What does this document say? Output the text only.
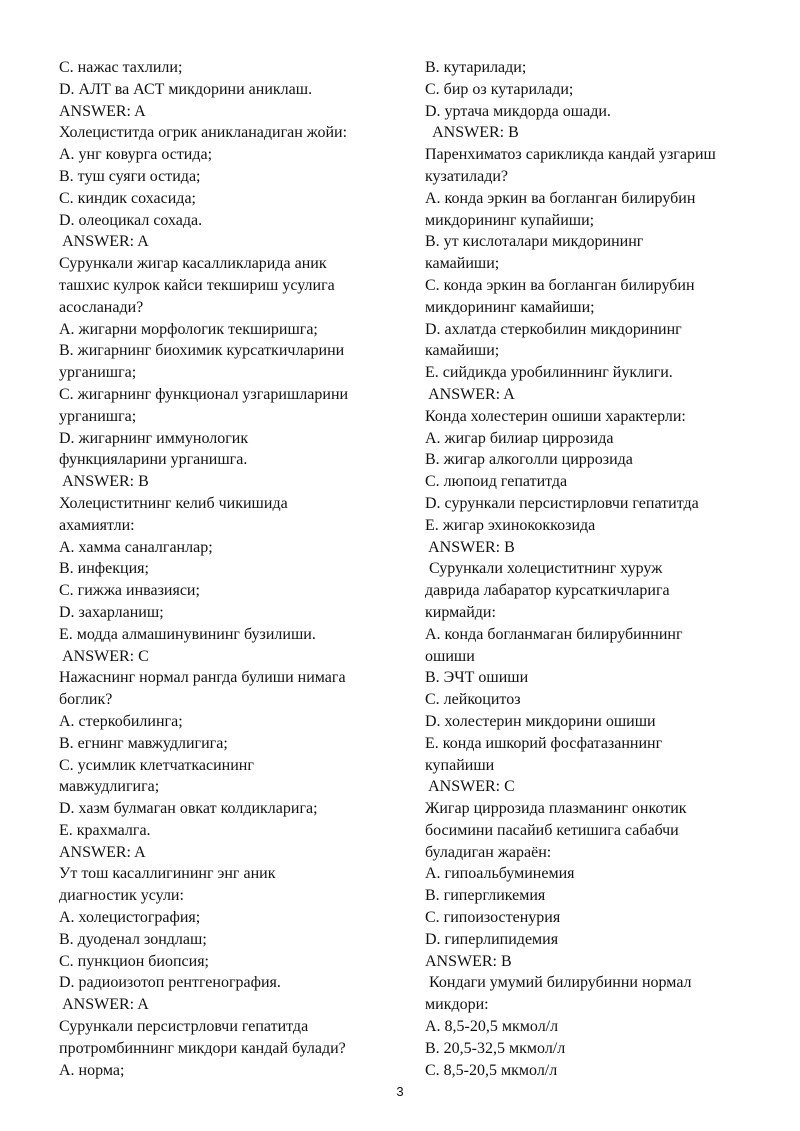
C. нажас тахлили;
D. АЛТ ва АСТ микдорини аниклаш.
ANSWER: A
Холециститда огрик аникланадиган жойи:
A. унг ковурга остида;
B. туш суяги остида;
C. киндик сохасида;
D. олеоцикал сохада.
ANSWER: A
Сурункали жигар касалликларида аник
ташхис кулрок кайси текшириш усулига
асосланади?
A. жигарни морфологик текширишга;
B. жигарнинг биохимик курсаткичларини
урганишга;
C. жигарнинг функционал узгаришларини
урганишга;
D. жигарнинг иммунологик
функцияларини урганишга.
ANSWER: B
Холециститнинг келиб чикишида
ахамиятли:
A. хамма саналганлар;
B. инфекция;
C. гижжа инвазияси;
D. захарланиш;
E. модда алмашинувининг бузилиши.
ANSWER: C
Нажаснинг нормал рангда булиши нимага
боглик?
A. стеркобилинга;
B. егнинг мавжудлигига;
C. усимлик клетчаткасининг
мавжудлигига;
D. хазм булмаган овкат колдикларига;
E. крахмалга.
ANSWER: A
Ут тош касаллигининг энг аник
диагностик усули:
A. холецистография;
B. дуоденал зондлаш;
C. пункцион биопсия;
D. радиоизотоп рентгенография.
ANSWER: A
Сурункали персистрловчи гепатитда
протромбиннинг микдори кандай булади?
A. норма;
B. кутарилади;
C. бир оз кутарилади;
D. уртача микдорда ошади.
ANSWER: B
Паренхиматоз сарикликда кандай узгариш
кузатилади?
A. конда эркин ва богланган билирубин
микдорининг купайиши;
B. ут кислоталари микдорининг
камайиши;
C. конда эркин ва богланган билирубин
микдорининг камайиши;
D. ахлатда стеркобилин микдорининг
камайиши;
E. сийдикда уробилиннинг йуклиги.
ANSWER: A
Конда холестерин ошиши характерли:
A. жигар билиар циррозида
B. жигар алкоголли циррозида
C. люпоид гепатитда
D. сурункали персистирловчи гепатитда
E. жигар эхинококкозида
ANSWER: B
Сурункали холециститнинг хуруж
даврида лабаратор курсаткичларига
кирмайди:
A. конда богланмаган билирубиннинг
ошиши
B. ЭЧТ ошиши
C. лейкоцитоз
D. холестерин микдорини ошиши
E. конда ишкорий фосфатазаннинг
купайиши
ANSWER: C
Жигар циррозида плазманинг онкотик
босимини пасайиб кетишига сабабчи
буладиган жараён:
A. гипоальбуминемия
B. гипергликемия
C. гипоизостенурия
D. гиперлипидемия
ANSWER: B
Кондаги умумий билирубинни нормал
микдори:
A. 8,5-20,5 мкмол/л
B. 20,5-32,5 мкмол/л
C. 8,5-20,5 мкмол/л
3
